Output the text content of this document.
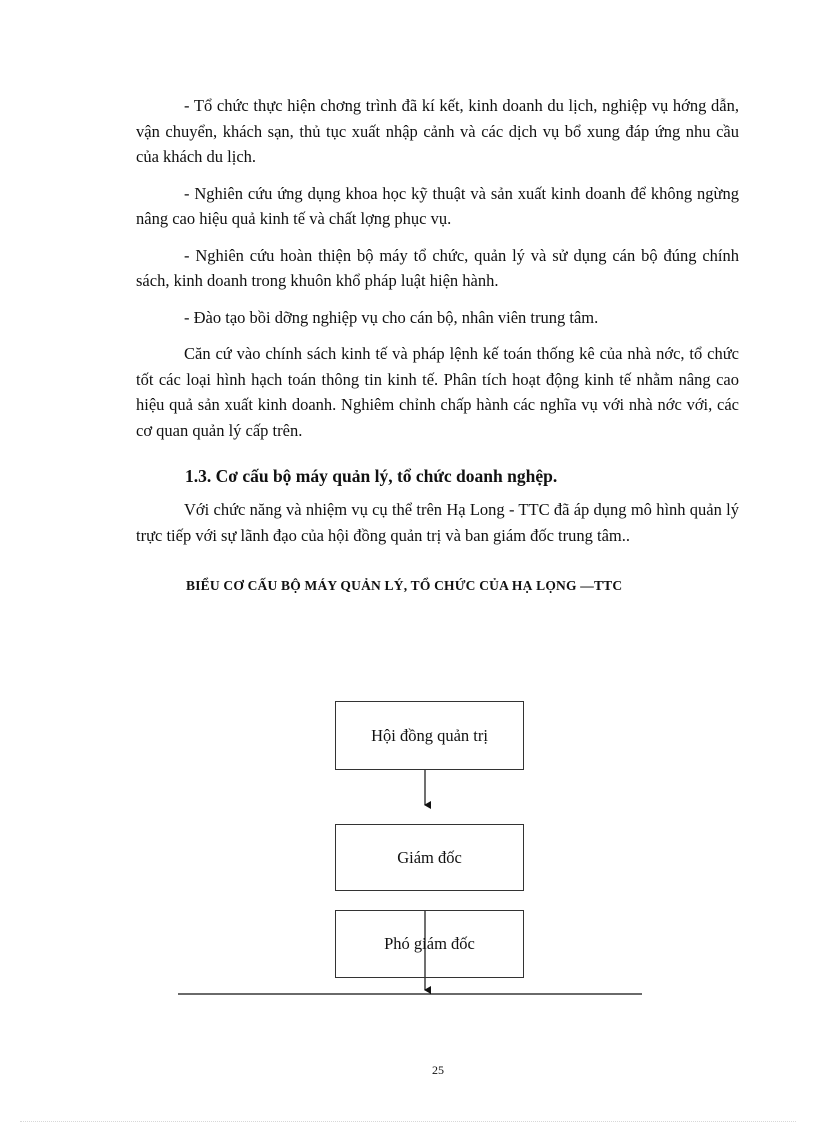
- Tổ chức thực hiện chơng trình đã kí kết, kinh doanh du lịch, nghiệp vụ hớng dẫn, vận chuyển, khách sạn, thủ tục xuất nhập cảnh và các dịch vụ bổ xung đáp ứng nhu cầu của khách du lịch.

- Nghiên cứu ứng dụng khoa học kỹ thuật và sản xuất kinh doanh để không ngừng nâng cao hiệu quả kinh tế và chất lợng phục vụ.

- Nghiên cứu hoàn thiện bộ máy tổ chức, quản lý và sử dụng cán bộ đúng chính sách, kinh doanh trong khuôn khổ pháp luật hiện hành.

- Đào tạo bồi dỡng nghiệp vụ cho cán bộ, nhân viên trung tâm.

Căn cứ vào chính sách kinh tế và pháp lệnh kế toán thống kê của nhà nớc, tổ chức tốt các loại hình hạch toán thông tin kinh tế. Phân tích hoạt động kinh tế nhằm nâng cao hiệu quả sản xuất kinh doanh. Nghiêm chỉnh chấp hành các nghĩa vụ với nhà nớc với, các cơ quan quản lý cấp trên.

1.3. Cơ cấu bộ máy quản lý, tổ chức doanh nghệp.

Với chức năng và nhiệm vụ cụ thể trên Hạ Long - TTC đã áp dụng mô hình quản lý trực tiếp với sự lãnh đạo của hội đồng quản trị và ban giám đốc trung tâm..

BIỂU CƠ CẤU BỘ MÁY QUẢN LÝ, TỔ CHỨC CỦA HẠ LỌNG —TTC

Hội đồng quản trị
Giám đốc
Phó giám đốc
25
